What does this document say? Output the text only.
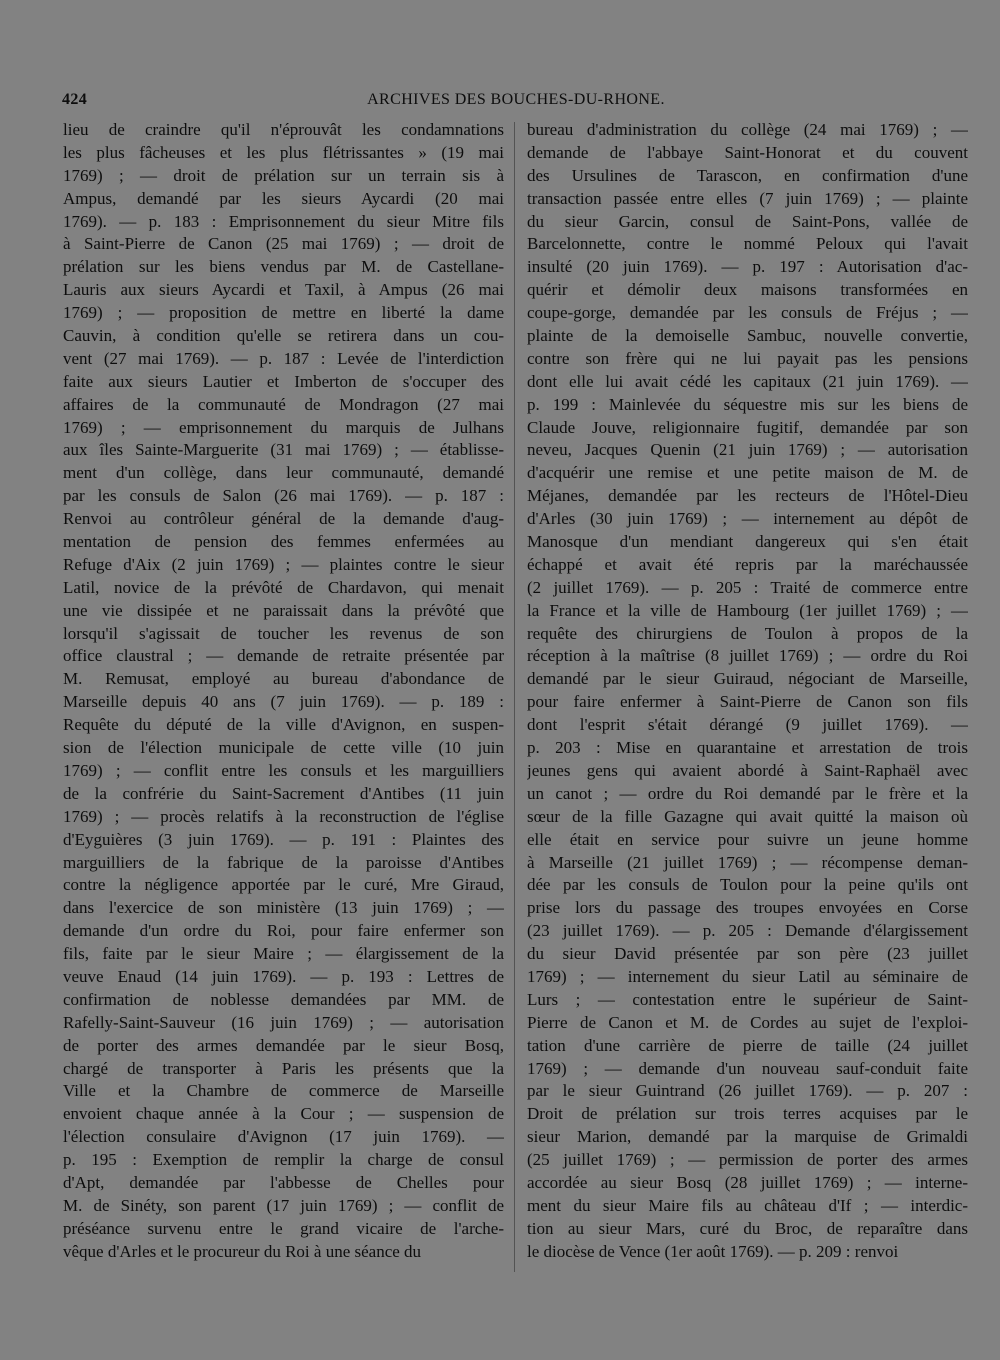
424	ARCHIVES DES BOUCHES-DU-RHONE.
lieu de craindre qu'il n'éprouvât les condamnations
les plus fâcheuses et les plus flétrissantes » (19 mai
1769) ; — droit de prélation sur un terrain sis à
Ampus, demandé par les sieurs Aycardi (20 mai
1769). — p. 183 : Emprisonnement du sieur Mitre fils
à Saint-Pierre de Canon (25 mai 1769) ; — droit de
prélation sur les biens vendus par M. de Castellane-
Lauris aux sieurs Aycardi et Taxil, à Ampus (26 mai
1769) ; — proposition de mettre en liberté la dame
Cauvin, à condition qu'elle se retirera dans un cou-
vent (27 mai 1769). — p. 187 : Levée de l'interdiction
faite aux sieurs Lautier et Imberton de s'occuper des
affaires de la communauté de Mondragon (27 mai
1769) ; — emprisonnement du marquis de Julhans
aux îles Sainte-Marguerite (31 mai 1769) ; — établisse-
ment d'un collège, dans leur communauté, demandé
par les consuls de Salon (26 mai 1769). — p. 187 :
Renvoi au contrôleur général de la demande d'aug-
mentation de pension des femmes enfermées au
Refuge d'Aix (2 juin 1769) ; — plaintes contre le sieur
Latil, novice de la prévôté de Chardavon, qui menait
une vie dissipée et ne paraissait dans la prévôté que
lorsqu'il s'agissait de toucher les revenus de son
office claustral ; — demande de retraite présentée par
M. Remusat, employé au bureau d'abondance de
Marseille depuis 40 ans (7 juin 1769). — p. 189 :
Requête du député de la ville d'Avignon, en suspen-
sion de l'élection municipale de cette ville (10 juin
1769) ; — conflit entre les consuls et les marguilliers
de la confrérie du Saint-Sacrement d'Antibes (11 juin
1769) ; — procès relatifs à la reconstruction de l'église
d'Eyguières (3 juin 1769). — p. 191 : Plaintes des
marguilliers de la fabrique de la paroisse d'Antibes
contre la négligence apportée par le curé, Mre Giraud,
dans l'exercice de son ministère (13 juin 1769) ; —
demande d'un ordre du Roi, pour faire enfermer son
fils, faite par le sieur Maire ; — élargissement de la
veuve Enaud (14 juin 1769). — p. 193 : Lettres de
confirmation de noblesse demandées par MM. de
Rafelly-Saint-Sauveur (16 juin 1769) ; — autorisation
de porter des armes demandée par le sieur Bosq,
chargé de transporter à Paris les présents que la
Ville et la Chambre de commerce de Marseille
envoient chaque année à la Cour ; — suspension de
l'élection consulaire d'Avignon (17 juin 1769). —
p. 195 : Exemption de remplir la charge de consul
d'Apt, demandée par l'abbesse de Chelles pour
M. de Sinéty, son parent (17 juin 1769) ; — conflit de
préséance survenu entre le grand vicaire de l'arche-
vêque d'Arles et le procureur du Roi à une séance du
bureau d'administration du collège (24 mai 1769) ; —
demande de l'abbaye Saint-Honorat et du couvent
des Ursulines de Tarascon, en confirmation d'une
transaction passée entre elles (7 juin 1769) ; — plainte
du sieur Garcin, consul de Saint-Pons, vallée de
Barcelonnette, contre le nommé Peloux qui l'avait
insulté (20 juin 1769). — p. 197 : Autorisation d'ac-
quérir et démolir deux maisons transformées en
coupe-gorge, demandée par les consuls de Fréjus ; —
plainte de la demoiselle Sambuc, nouvelle convertie,
contre son frère qui ne lui payait pas les pensions
dont elle lui avait cédé les capitaux (21 juin 1769). —
p. 199 : Mainlevée du séquestre mis sur les biens de
Claude Jouve, religionnaire fugitif, demandée par son
neveu, Jacques Quenin (21 juin 1769) ; — autorisation
d'acquérir une remise et une petite maison de M. de
Méjanes, demandée par les recteurs de l'Hôtel-Dieu
d'Arles (30 juin 1769) ; — internement au dépôt de
Manosque d'un mendiant dangereux qui s'en était
échappé et avait été repris par la maréchaussée
(2 juillet 1769). — p. 205 : Traité de commerce entre
la France et la ville de Hambourg (1er juillet 1769) ; —
requête des chirurgiens de Toulon à propos de la
réception à la maîtrise (8 juillet 1769) ; — ordre du Roi
demandé par le sieur Guiraud, négociant de Marseille,
pour faire enfermer à Saint-Pierre de Canon son fils
dont l'esprit s'était dérangé (9 juillet 1769). —
p. 203 : Mise en quarantaine et arrestation de trois
jeunes gens qui avaient abordé à Saint-Raphaël avec
un canot ; — ordre du Roi demandé par le frère et la
sœur de la fille Gazagne qui avait quitté la maison où
elle était en service pour suivre un jeune homme
à Marseille (21 juillet 1769) ; — récompense deman-
dée par les consuls de Toulon pour la peine qu'ils ont
prise lors du passage des troupes envoyées en Corse
(23 juillet 1769). — p. 205 : Demande d'élargissement
du sieur David présentée par son père (23 juillet
1769) ; — internement du sieur Latil au séminaire de
Lurs ; — contestation entre le supérieur de Saint-
Pierre de Canon et M. de Cordes au sujet de l'exploi-
tation d'une carrière de pierre de taille (24 juillet
1769) ; — demande d'un nouveau sauf-conduit faite
par le sieur Guintrand (26 juillet 1769). — p. 207 :
Droit de prélation sur trois terres acquises par le
sieur Marion, demandé par la marquise de Grimaldi
(25 juillet 1769) ; — permission de porter des armes
accordée au sieur Bosq (28 juillet 1769) ; — interne-
ment du sieur Maire fils au château d'If ; — interdic-
tion au sieur Mars, curé du Broc, de reparaître dans
le diocèse de Vence (1er août 1769). — p. 209 : renvoi
